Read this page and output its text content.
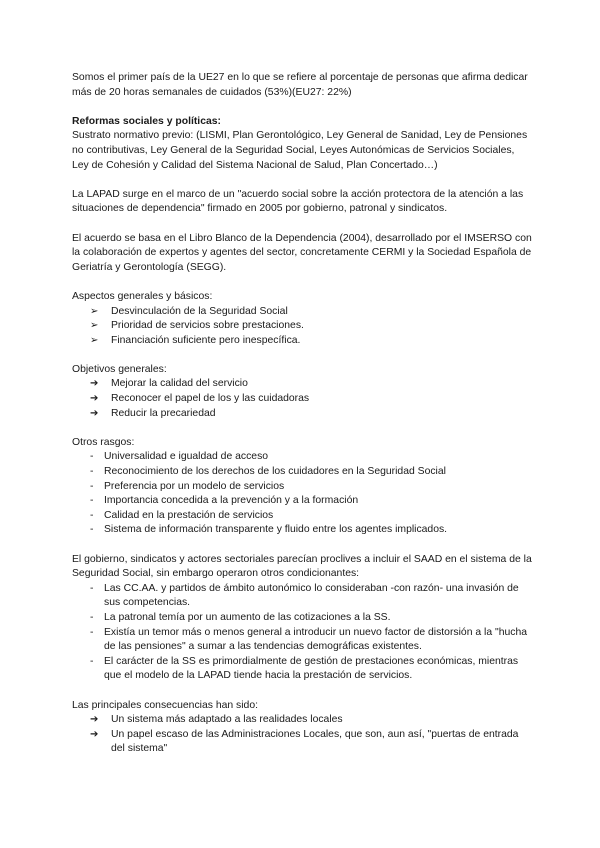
Somos el primer país de la UE27 en lo que se refiere al porcentaje de personas que afirma dedicar más de 20 horas semanales de cuidados (53%)(EU27: 22%)

Reformas sociales y políticas:

Sustrato normativo previo: (LISMI, Plan Gerontológico, Ley General de Sanidad, Ley de Pensiones no contributivas, Ley General de la Seguridad Social, Leyes Autonómicas de Servicios Sociales, Ley de Cohesión y Calidad del Sistema Nacional de Salud, Plan Concertado…)

La LAPAD surge en el marco de un "acuerdo social sobre la acción protectora de la atención a las situaciones de dependencia" firmado en 2005 por gobierno, patronal y sindicatos.

El acuerdo se basa en el Libro Blanco de la Dependencia (2004), desarrollado por el IMSERSO con la colaboración de expertos y agentes del sector, concretamente CERMI y la Sociedad Española de Geriatría y Gerontología (SEGG).

Aspectos generales y básicos:

➢	Desvinculación de la Seguridad Social
➢	Prioridad de servicios sobre prestaciones.
➢	Financiación suficiente pero inespecífica.

Objetivos generales:

➔	Mejorar la calidad del servicio
➔	Reconocer el papel de los y las cuidadoras
➔	Reducir la precariedad

Otros rasgos:

-	Universalidad e igualdad de acceso
-	Reconocimiento de los derechos de los cuidadores en la Seguridad Social
-	Preferencia por un modelo de servicios
-	Importancia concedida a la prevención y a la formación
-	Calidad en la prestación de servicios
-	Sistema de información transparente y fluido entre los agentes implicados.

El gobierno, sindicatos y actores sectoriales parecían proclives a incluir el SAAD en el sistema de la Seguridad Social, sin embargo operaron otros condicionantes:

-	Las CC.AA. y partidos de ámbito autonómico lo consideraban -con razón- una invasión de sus competencias.
-	La patronal temía por un aumento de las cotizaciones a la SS.
-	Existía un temor más o menos general a introducir un nuevo factor de distorsión a la "hucha de las pensiones" a sumar a las tendencias demográficas existentes.
-	El carácter de la SS es primordialmente de gestión de prestaciones económicas, mientras que el modelo de la LAPAD tiende hacia la prestación de servicios.

Las principales consecuencias han sido:

➔	Un sistema más adaptado a las realidades locales
➔	Un papel escaso de las Administraciones Locales, que son, aun así, "puertas de entrada del sistema"
